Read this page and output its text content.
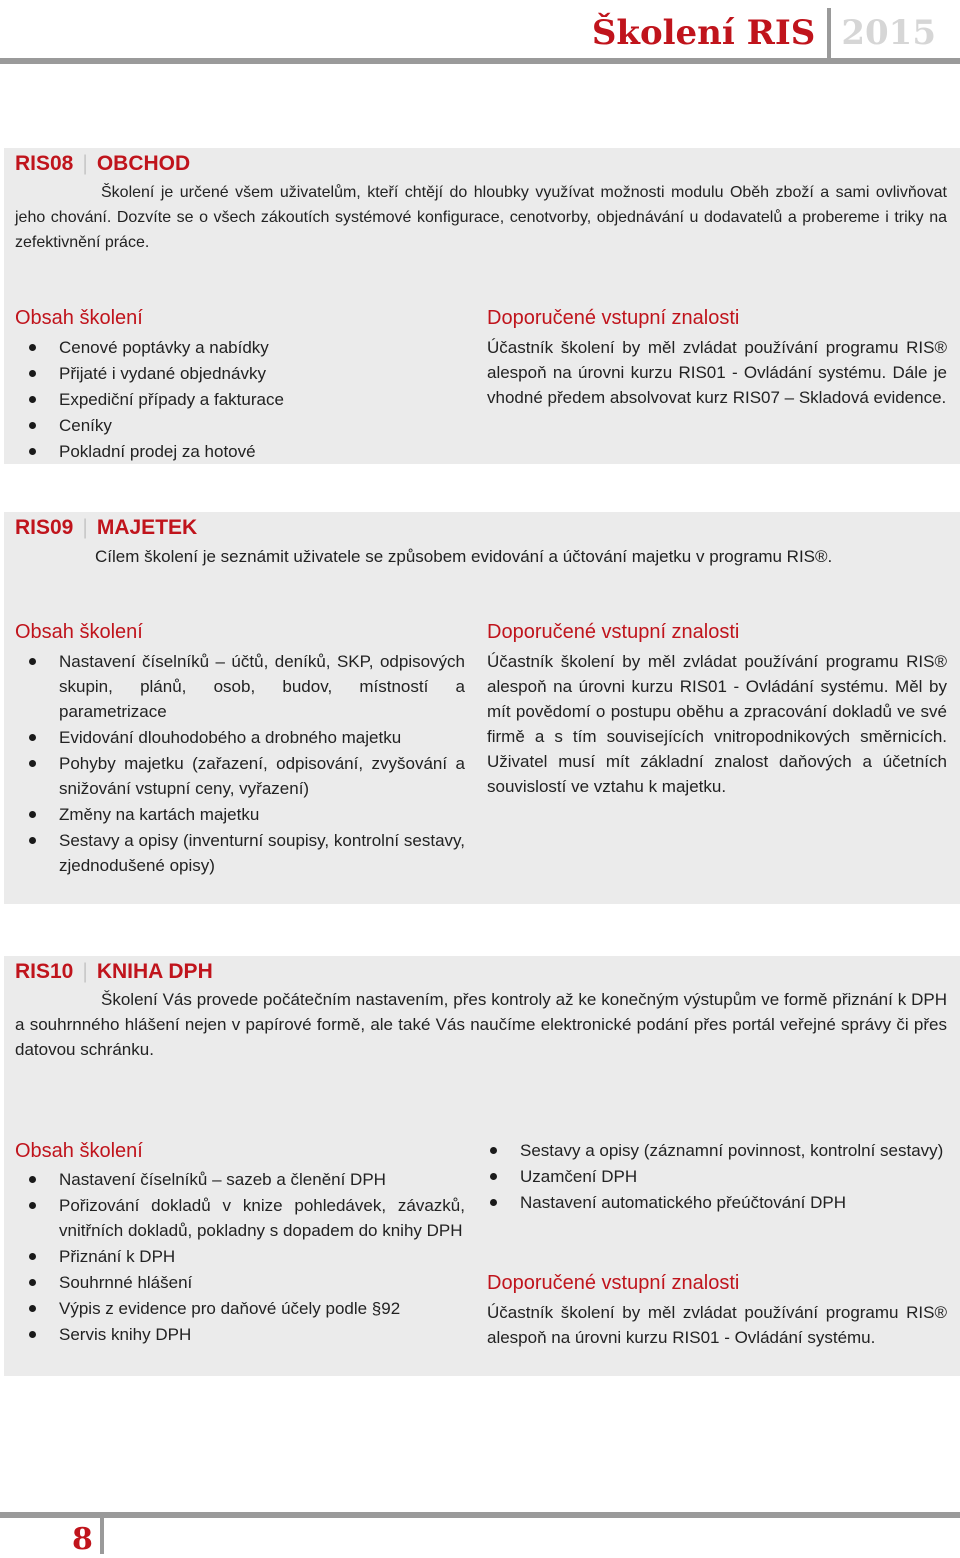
Školení RIS 2015
RIS08 | OBCHOD
Školení je určené všem uživatelům, kteří chtějí do hloubky využívat možnosti modulu Oběh zboží a sami ovlivňovat jeho chování. Dozvíte se o všech zákoutích systémové konfigurace, cenotvorby, objednávání u dodavatelů a probereme i triky na zefektivnění práce.
Obsah školení
Cenové poptávky a nabídky
Přijaté i vydané objednávky
Expediční případy a fakturace
Ceníky
Pokladní prodej za hotové
Doporučené vstupní znalosti
Účastník školení by měl zvládat používání programu RIS® alespoň na úrovni kurzu RIS01 - Ovládání systému. Dále je vhodné předem absolvovat kurz RIS07 – Skladová evidence.
RIS09 | MAJETEK
Cílem školení je seznámit uživatele se způsobem evidování a účtování majetku v programu RIS®.
Obsah školení
Nastavení číselníků – účtů, deníků, SKP, odpisových skupin, plánů, osob, budov, místností a parametrizace
Evidování dlouhodobého a drobného majetku
Pohyby majetku (zařazení, odpisování, zvyšování a snižování vstupní ceny, vyřazení)
Změny na kartách majetku
Sestavy a opisy (inventurní soupisy, kontrolní sestavy, zjednodušené opisy)
Doporučené vstupní znalosti
Účastník školení by měl zvládat používání programu RIS® alespoň na úrovni kurzu RIS01 - Ovládání systému. Měl by mít povědomí o postupu oběhu a zpracování dokladů ve své firmě a s tím souvisejících vnitropodnikových směrnicích. Uživatel musí mít základní znalost daňových a účetních souvislostí ve vztahu k majetku.
RIS10 | KNIHA DPH
Školení Vás provede počátečním nastavením, přes kontroly až ke konečným výstupům ve formě přiznání k DPH a souhrnného hlášení nejen v papírové formě, ale také Vás naučíme elektronické podání přes portál veřejné správy či přes datovou schránku.
Obsah školení
Nastavení číselníků – sazeb a členění DPH
Pořizování dokladů v knize pohledávek, závazků, vnitřních dokladů, pokladny s dopadem do knihy DPH
Přiznání k DPH
Souhrnné hlášení
Výpis z evidence pro daňové účely podle §92
Servis knihy DPH
Sestavy a opisy (záznamní povinnost, kontrolní sestavy)
Uzamčení DPH
Nastavení automatického přeúčtování DPH
Doporučené vstupní znalosti
Účastník školení by měl zvládat používání programu RIS® alespoň na úrovni kurzu RIS01 - Ovládání systému.
8
